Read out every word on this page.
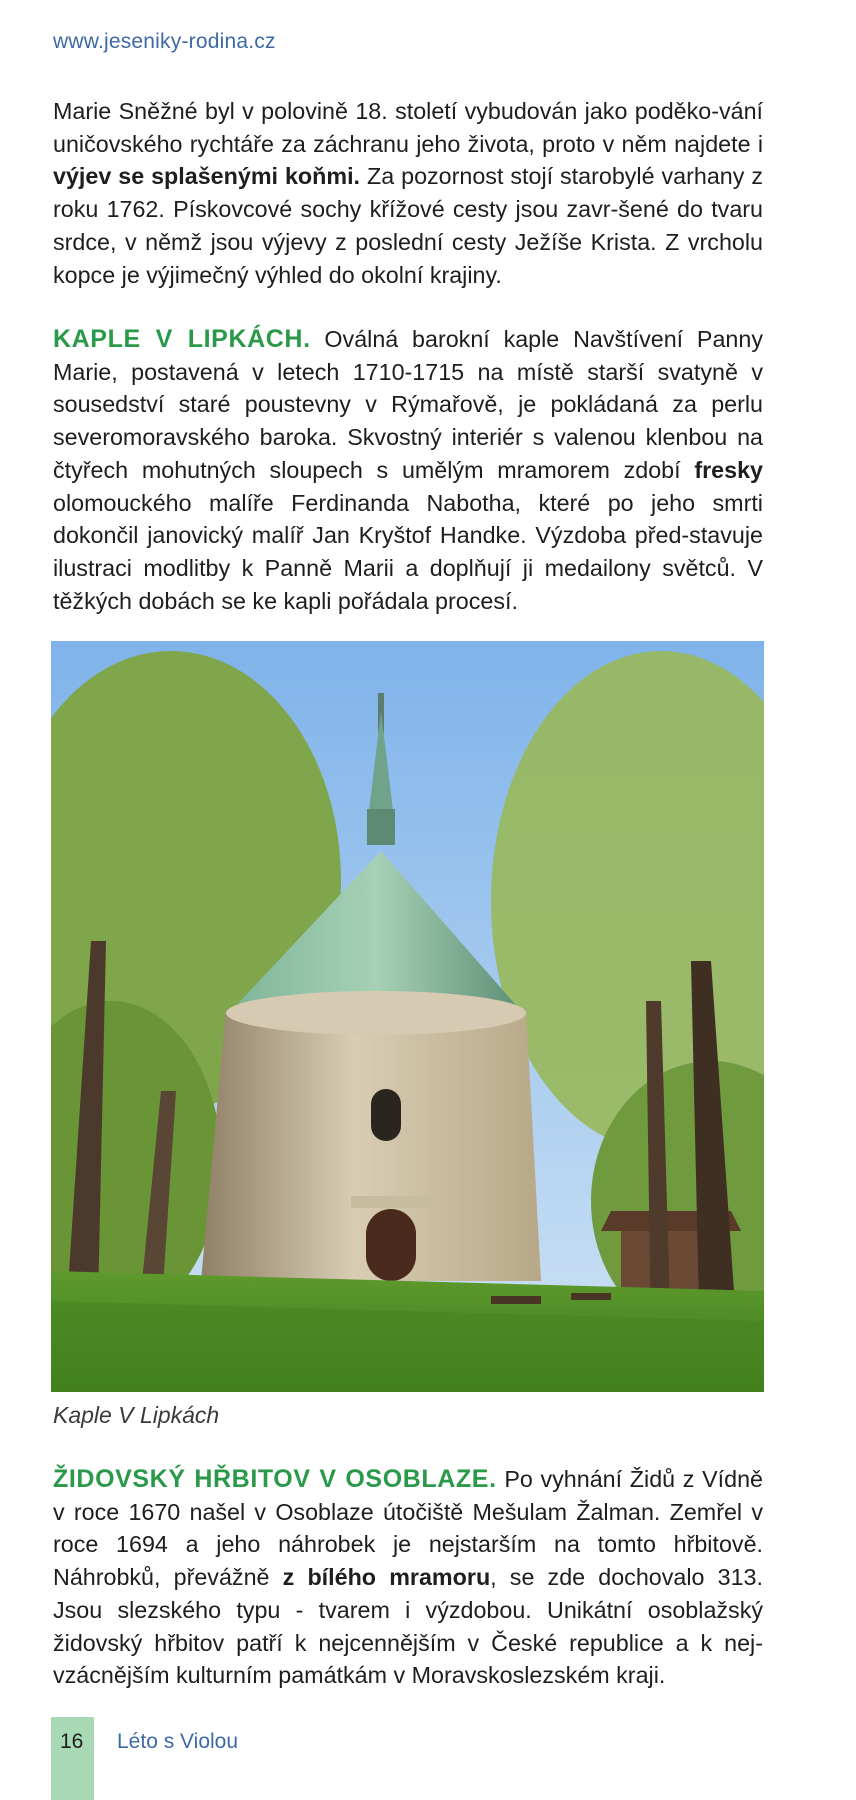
www.jeseniky-rodina.cz

Marie Sněžné byl v polovině 18. století vybudován jako poděko-vání uničovského rychtáře za záchranu jeho života, proto v něm najdete i výjev se splašenými koňmi. Za pozornost stojí starobylé varhany z roku 1762. Pískovcové sochy křížové cesty jsou zavr-šené do tvaru srdce, v němž jsou výjevy z poslední cesty Ježíše Krista. Z vrcholu kopce je výjimečný výhled do okolní krajiny.

KAPLE V LIPKÁCH. Oválná barokní kaple Navštívení Panny Marie, postavená v letech 1710-1715 na místě starší svatyně v sousedství staré poustevny v Rýmařově, je pokládaná za perlu severomoravského baroka. Skvostný interiér s valenou klenbou na čtyřech mohutných sloupech s umělým mramorem zdobí fresky olomouckého malíře Ferdinanda Nabotha, které po jeho smrti dokončil janovický malíř Jan Kryštof Handke. Výzdoba před-stavuje ilustraci modlitby k Panně Marii a doplňují ji medailony světců. V těžkých dobách se ke kapli pořádala procesí.

Kaple V Lipkách

ŽIDOVSKÝ HŘBITOV V OSOBLAZE. Po vyhnání Židů z Vídně v roce 1670 našel v Osoblaze útočiště Mešulam Žalman. Zemřel v roce 1694 a jeho náhrobek je nejstarším na tomto hřbitově. Náhrobků, převážně z bílého mramoru, se zde dochovalo 313. Jsou slezského typu - tvarem i výzdobou. Unikátní osoblažský židovský hřbitov patří k nejcennějším v České republice a k nej-vzácnějším kulturním památkám v Moravskoslezském kraji.

16 Léto s Violou
